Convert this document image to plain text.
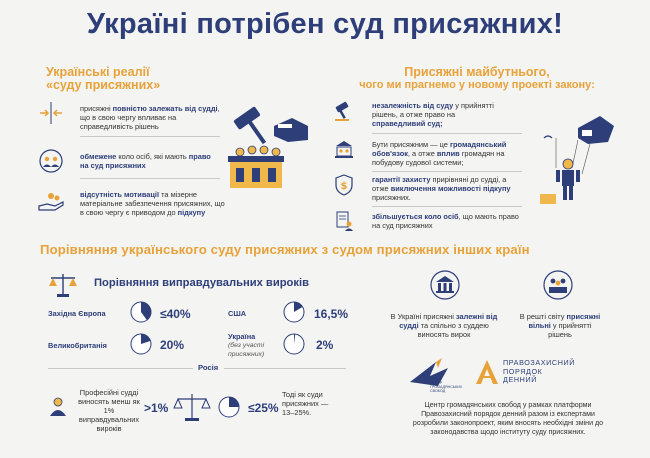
Україні потрібен суд присяжних!
Українські реалії
«суду присяжних»
присяжні повністю залежать від судді, що в свою чергу впливає на справедливість рішень
обмежене коло осіб, які мають право на суд присяжних
відсутність мотивації та мізерне матеріальне забезпечення присяжних, що в свою чергу є приводом до підкупу
Присяжні майбутнього,
чого ми прагнемо у новому проекті закону:
незалежність від суду у прийнятті рішень, а отже право на справедливий суд;
Бути присяжним — це громадянський обов'язок, а отже вплив громадян на побудову судової системи;
$
гарантії захисту прирівняні до судді, а отже виключення можливості підкупу присяжних.
збільшується коло осіб, що мають право на суд присяжних
Порівняння українського суду присяжних з судом присяжних інших країн
Порівняння виправдувальних вироків
Західна Європа	≤40%	США	16,5%
Великобританія	20%
Україна
(без участі присяжних)
2%
Росія
Професійні судді виносять менш як 1% виправдувальних вироків
>1%	≤25%
Тоді як суди присяжних — 13–25%.
В Україні присяжні залежні від судді та спільно з суддею виносять вирок
В решті світу присяжні вільні у прийнятті рішень
ЦЕНТР ГРОМАДЯНСЬКИХ СВОБОД
ПРАВОЗАХИСНИЙ
ПОРЯДОК
ДЕННИЙ
Центр громадянських свобод у рамках платформи Правозахисний порядок денний разом із експертами розробили законопроект, яким вносять необхідні зміни до законодавства щодо інституту суду присяжних.
